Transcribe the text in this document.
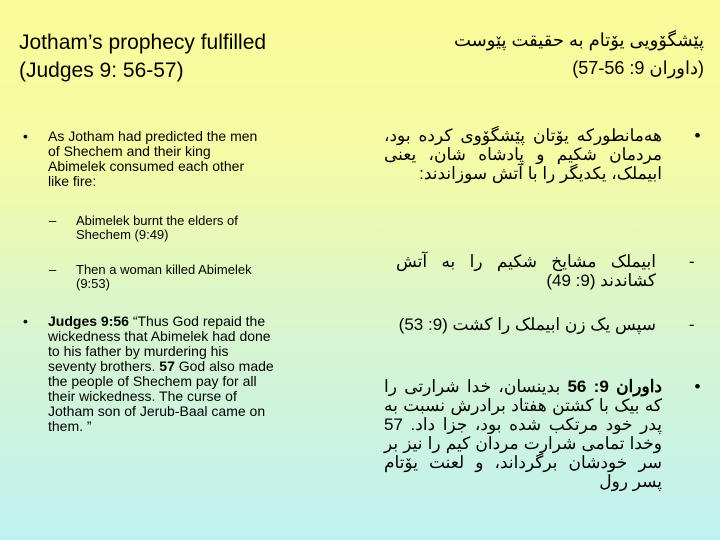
Jotham’s prophecy fulfilled
(Judges 9: 56-57)
• As Jotham had predicted the men of Shechem and their king Abimelek consumed each other like fire:
– Abimelek burnt the elders of Shechem (9:49)
– Then a woman killed Abimelek (9:53)
• Judges 9:56 “Thus God repaid the wickedness that Abimelek had done to his father by murdering his seventy brothers. 57 God also made the people of Shechem pay for all their wickedness. The curse of Jotham son of Jerub-Baal came on them. ”
پێشگۆویی یۆتام بە حقیقت پێوست
(داوران 9: 56-57)
•
هەمانطورکە یۆتان پێشگۆوی کردە بود، مردمان شکیم و پادشاه شان، یعنی ابیملک، یکدیگر را با آتش سوزاندند:
-
ابیملک مشایخ شکیم را بە آتش کشاندند (9: 49)
-
سپس یک زن ابیملک را کشت (9: 53)
•
داوران 9: 56 بدینسان، خدا شرارتی را کە بیک با کشتن هفتاد برادرش نسبت به پدر خود مرتکب شده بود، جزا داد. 57 وخدا تمامی شرارت مردان کیم را نیز بر سر خودشان برگرداند، و لعنت یۆتام پسر رول
